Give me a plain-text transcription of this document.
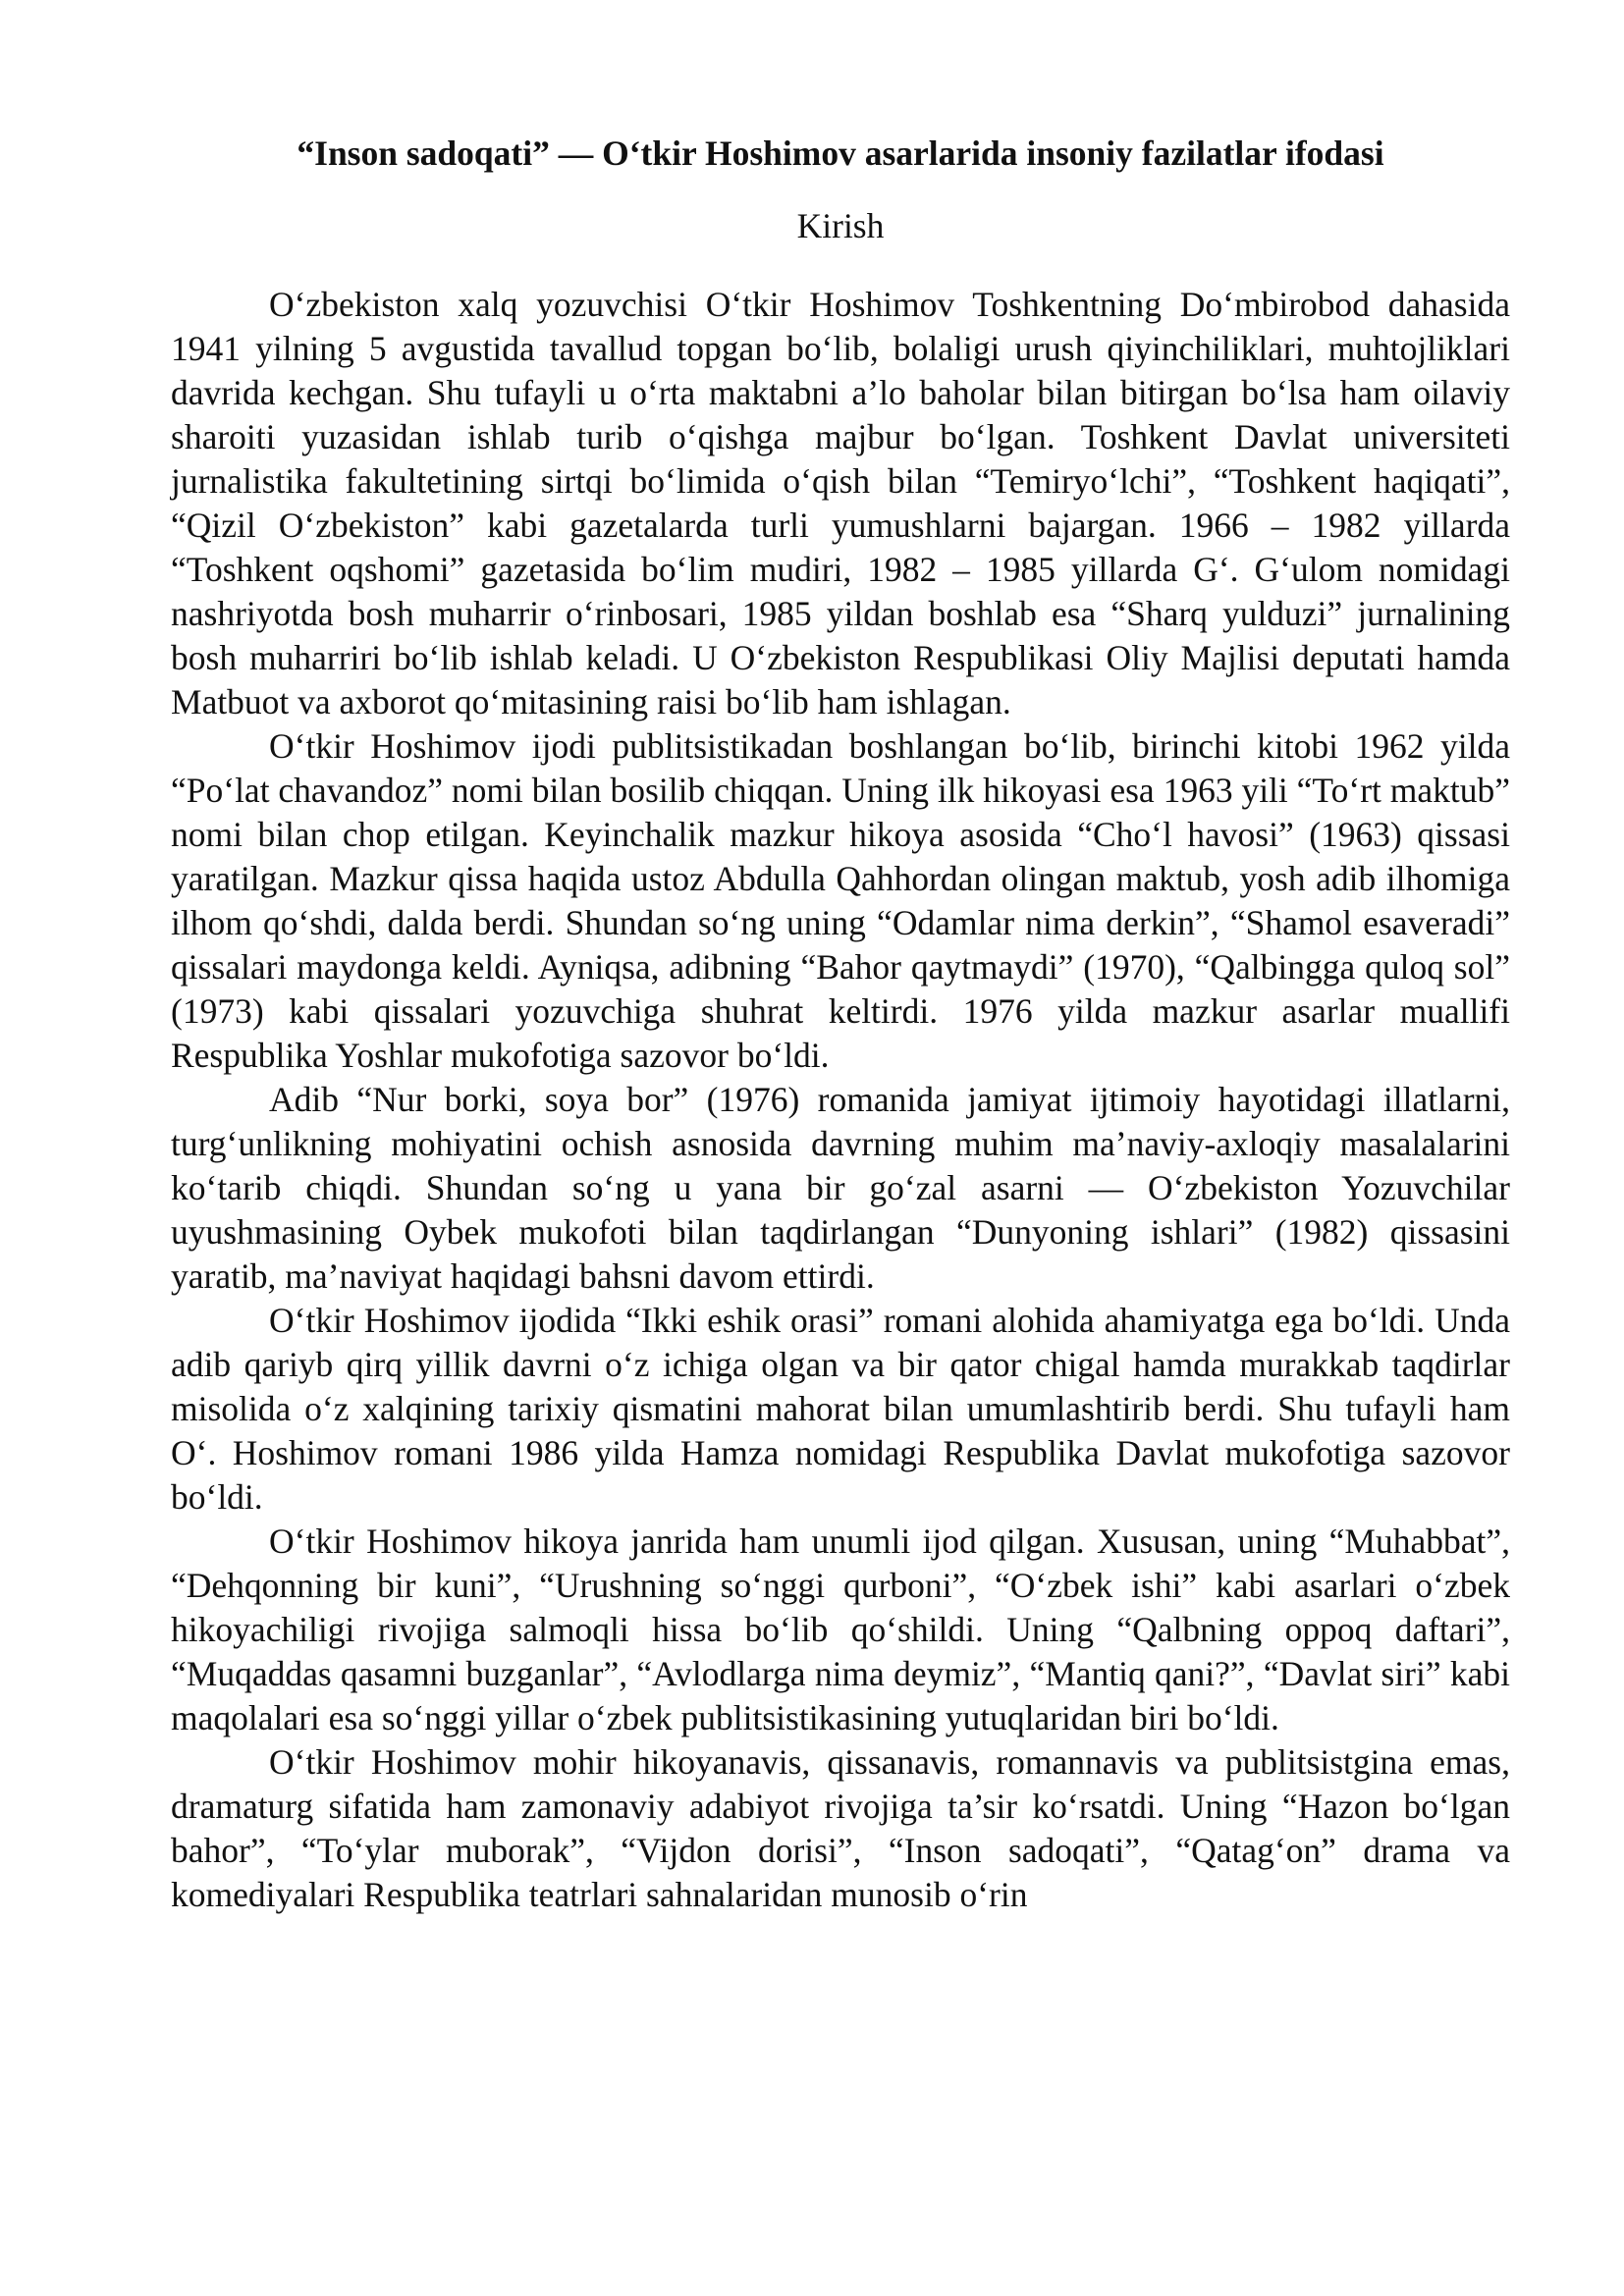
“Inson sadoqati” — O‘tkir Hoshimov asarlarida insoniy fazilatlar ifodasi
Kirish

O‘zbekiston xalq yozuvchisi O‘tkir Hoshimov Toshkentning Do‘mbirobod dahasida 1941 yilning 5 avgustida tavallud topgan bo‘lib, bolaligi urush qiyinchiliklari, muhtojliklari davrida kechgan. Shu tufayli u o‘rta maktabni a’lo baholar bilan bitirgan bo‘lsa ham oilaviy sharoiti yuzasidan ishlab turib o‘qishga majbur bo‘lgan. Toshkent Davlat universiteti jurnalistika fakultetining sirtqi bo‘limida o‘qish bilan “Temiryo‘lchi”, “Toshkent haqiqati”, “Qizil O‘zbekiston” kabi gazetalarda turli yumushlarni bajargan. 1966 – 1982 yillarda “Toshkent oqshomi” gazetasida bo‘lim mudiri, 1982 – 1985 yillarda G‘. G‘ulom nomidagi nashriyotda bosh muharrir o‘rinbosari, 1985 yildan boshlab esa “Sharq yulduzi” jurnalining bosh muharriri bo‘lib ishlab keladi. U O‘zbekiston Respublikasi Oliy Majlisi deputati hamda Matbuot va axborot qo‘mitasining raisi bo‘lib ham ishlagan.

O‘tkir Hoshimov ijodi publitsistikadan boshlangan bo‘lib, birinchi kitobi 1962 yilda “Po‘lat chavandoz” nomi bilan bosilib chiqqan. Uning ilk hikoyasi esa 1963 yili “To‘rt maktub” nomi bilan chop etilgan. Keyinchalik mazkur hikoya asosida “Cho‘l havosi” (1963) qissasi yaratilgan. Mazkur qissa haqida ustoz Abdulla Qahhordan olingan maktub, yosh adib ilhomiga ilhom qo‘shdi, dalda berdi. Shundan so‘ng uning “Odamlar nima derkin”, “Shamol esaveradi” qissalari maydonga keldi. Ayniqsa, adibning “Bahor qaytmaydi” (1970), “Qalbingga quloq sol” (1973) kabi qissalari yozuvchiga shuhrat keltirdi. 1976 yilda mazkur asarlar muallifi Respublika Yoshlar mukofotiga sazovor bo‘ldi.

Adib “Nur borki, soya bor” (1976) romanida jamiyat ijtimoiy hayotidagi illatlarni, turg‘unlikning mohiyatini ochish asnosida davrning muhim ma’naviy-axloqiy masalalarini ko‘tarib chiqdi. Shundan so‘ng u yana bir go‘zal asarni — O‘zbekiston Yozuvchilar uyushmasining Oybek mukofoti bilan taqdirlangan “Dunyoning ishlari” (1982) qissasini yaratib, ma’naviyat haqidagi bahsni davom ettirdi.

O‘tkir Hoshimov ijodida “Ikki eshik orasi” romani alohida ahamiyatga ega bo‘ldi. Unda adib qariyb qirq yillik davrni o‘z ichiga olgan va bir qator chigal hamda murakkab taqdirlar misolida o‘z xalqining tarixiy qismatini mahorat bilan umumlashtirib berdi. Shu tufayli ham O‘. Hoshimov romani 1986 yilda Hamza nomidagi Respublika Davlat mukofotiga sazovor bo‘ldi.

O‘tkir Hoshimov hikoya janrida ham unumli ijod qilgan. Xususan, uning “Muhabbat”, “Dehqonning bir kuni”, “Urushning so‘nggi qurboni”, “O‘zbek ishi” kabi asarlari o‘zbek hikoyachiligi rivojiga salmoqli hissa bo‘lib qo‘shildi. Uning “Qalbning oppoq daftari”, “Muqaddas qasamni buzganlar”, “Avlodlarga nima deymiz”, “Mantiq qani?”, “Davlat siri” kabi maqolalari esa so‘nggi yillar o‘zbek publitsistikasining yutuqlaridan biri bo‘ldi.

O‘tkir Hoshimov mohir hikoyanavis, qissanavis, romannavis va publitsistgina emas, dramaturg sifatida ham zamonaviy adabiyot rivojiga ta’sir ko‘rsatdi. Uning “Hazon bo‘lgan bahor”, “To‘ylar muborak”, “Vijdon dorisi”, “Inson sadoqati”, “Qatag‘on” drama va komediyalari Respublika teatrlari sahnalaridan munosib o‘rin
